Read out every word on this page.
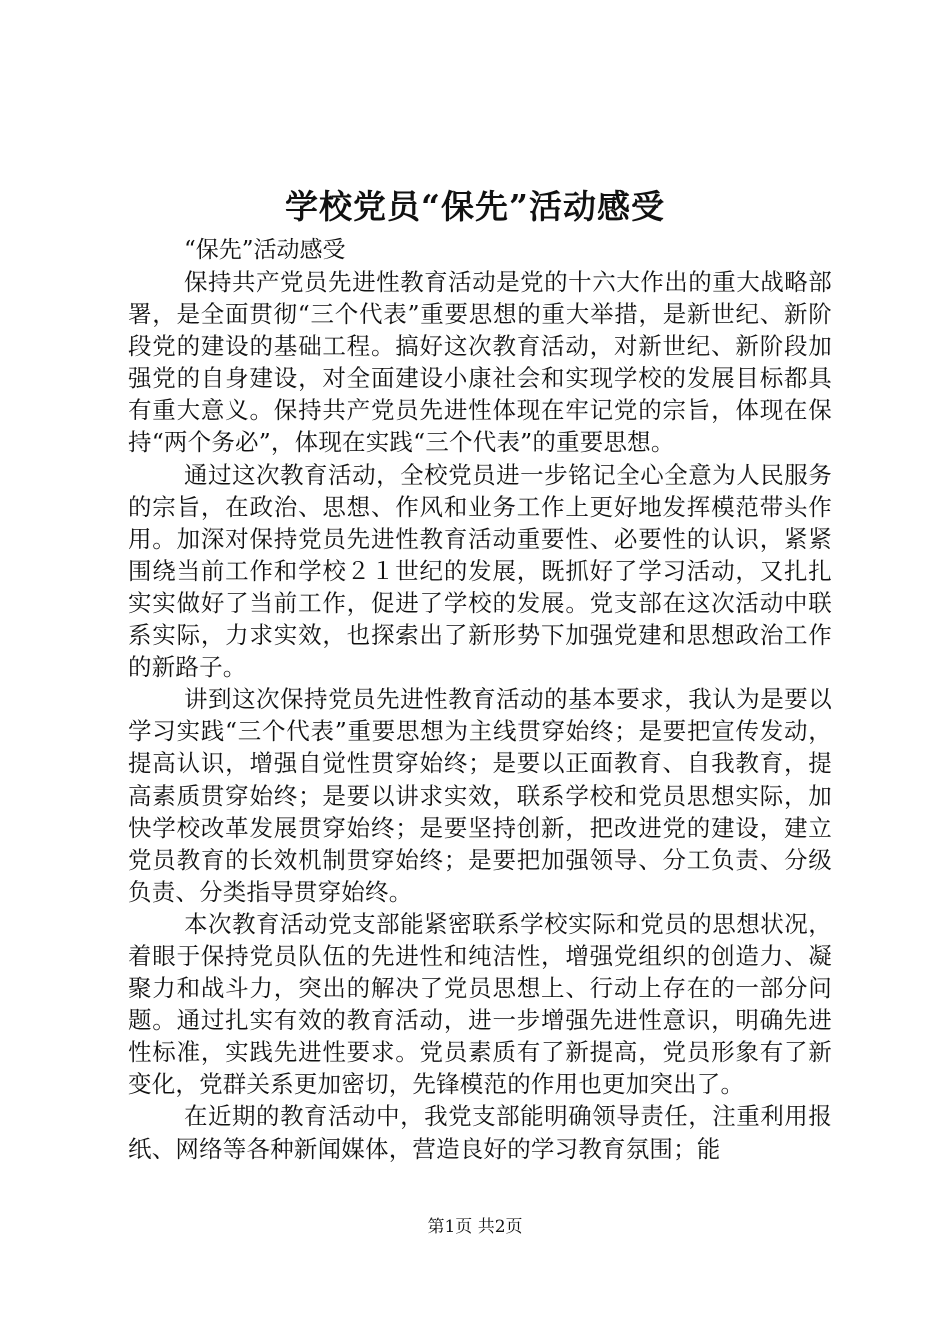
学校党员“保先”活动感受

“保先”活动感受

保持共产党员先进性教育活动是党的十六大作出的重大战略部署，是全面贯彻“三个代表”重要思想的重大举措，是新世纪、新阶段党的建设的基础工程。搞好这次教育活动，对新世纪、新阶段加强党的自身建设，对全面建设小康社会和实现学校的发展目标都具有重大意义。保持共产党员先进性体现在牢记党的宗旨，体现在保持“两个务必”，体现在实践“三个代表”的重要思想。

通过这次教育活动，全校党员进一步铭记全心全意为人民服务的宗旨，在政治、思想、作风和业务工作上更好地发挥模范带头作用。加深对保持党员先进性教育活动重要性、必要性的认识，紧紧围绕当前工作和学校２１世纪的发展，既抓好了学习活动，又扎扎实实做好了当前工作，促进了学校的发展。党支部在这次活动中联系实际，力求实效，也探索出了新形势下加强党建和思想政治工作的新路子。

讲到这次保持党员先进性教育活动的基本要求，我认为是要以学习实践“三个代表”重要思想为主线贯穿始终；是要把宣传发动，提高认识，增强自觉性贯穿始终；是要以正面教育、自我教育，提高素质贯穿始终；是要以讲求实效，联系学校和党员思想实际，加快学校改革发展贯穿始终；是要坚持创新，把改进党的建设，建立党员教育的长效机制贯穿始终；是要把加强领导、分工负责、分级负责、分类指导贯穿始终。

本次教育活动党支部能紧密联系学校实际和党员的思想状况，着眼于保持党员队伍的先进性和纯洁性，增强党组织的创造力、凝聚力和战斗力，突出的解决了党员思想上、行动上存在的一部分问题。通过扎实有效的教育活动，进一步增强先进性意识，明确先进性标准，实践先进性要求。党员素质有了新提高，党员形象有了新变化，党群关系更加密切，先锋模范的作用也更加突出了。

在近期的教育活动中，我党支部能明确领导责任，注重利用报纸、网络等各种新闻媒体，营造良好的学习教育氛围；能

第1页 共2页
